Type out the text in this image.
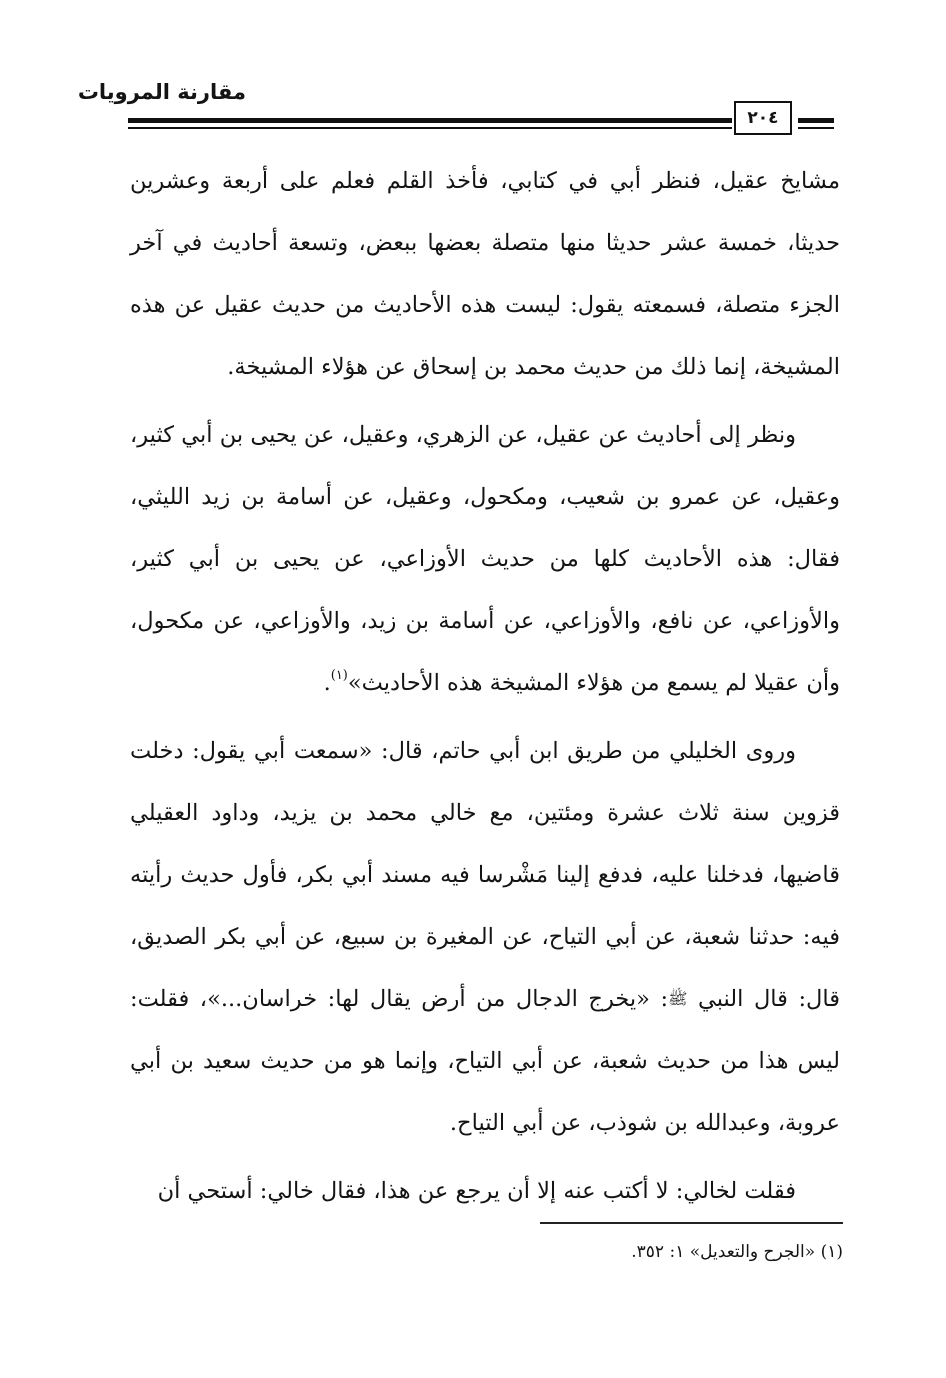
مقارنة المرويات
٢٠٤

مشايخ عقيل، فنظر أبي في كتابي، فأخذ القلم فعلم على أربعة وعشرين حديثا، خمسة عشر حديثا منها متصلة بعضها ببعض، وتسعة أحاديث في آخر الجزء متصلة، فسمعته يقول: ليست هذه الأحاديث من حديث عقيل عن هذه المشيخة، إنما ذلك من حديث محمد بن إسحاق عن هؤلاء المشيخة.

ونظر إلى أحاديث عن عقيل، عن الزهري، وعقيل، عن يحيى بن أبي كثير، وعقيل، عن عمرو بن شعيب، ومكحول، وعقيل، عن أسامة بن زيد الليثي، فقال: هذه الأحاديث كلها من حديث الأوزاعي، عن يحيى بن أبي كثير، والأوزاعي، عن نافع، والأوزاعي، عن أسامة بن زيد، والأوزاعي، عن مكحول، وأن عقيلا لم يسمع من هؤلاء المشيخة هذه الأحاديث»$^{(١)}$.

وروى الخليلي من طريق ابن أبي حاتم، قال: «سمعت أبي يقول: دخلت قزوين سنة ثلاث عشرة ومئتين، مع خالي محمد بن يزيد، وداود العقيلي قاضيها، فدخلنا عليه، فدفع إلينا مَشْرسا فيه مسند أبي بكر، فأول حديث رأيته فيه: حدثنا شعبة، عن أبي التياح، عن المغيرة بن سبيع، عن أبي بكر الصديق، قال: قال النبي ﷺ: «يخرج الدجال من أرض يقال لها: خراسان...»، فقلت: ليس هذا من حديث شعبة، عن أبي التياح، وإنما هو من حديث سعيد بن أبي عروبة، وعبدالله بن شوذب، عن أبي التياح.

فقلت لخالي: لا أكتب عنه إلا أن يرجع عن هذا، فقال خالي: أستحي أن

(١) «الجرح والتعديل» ١: ٣٥٢.
